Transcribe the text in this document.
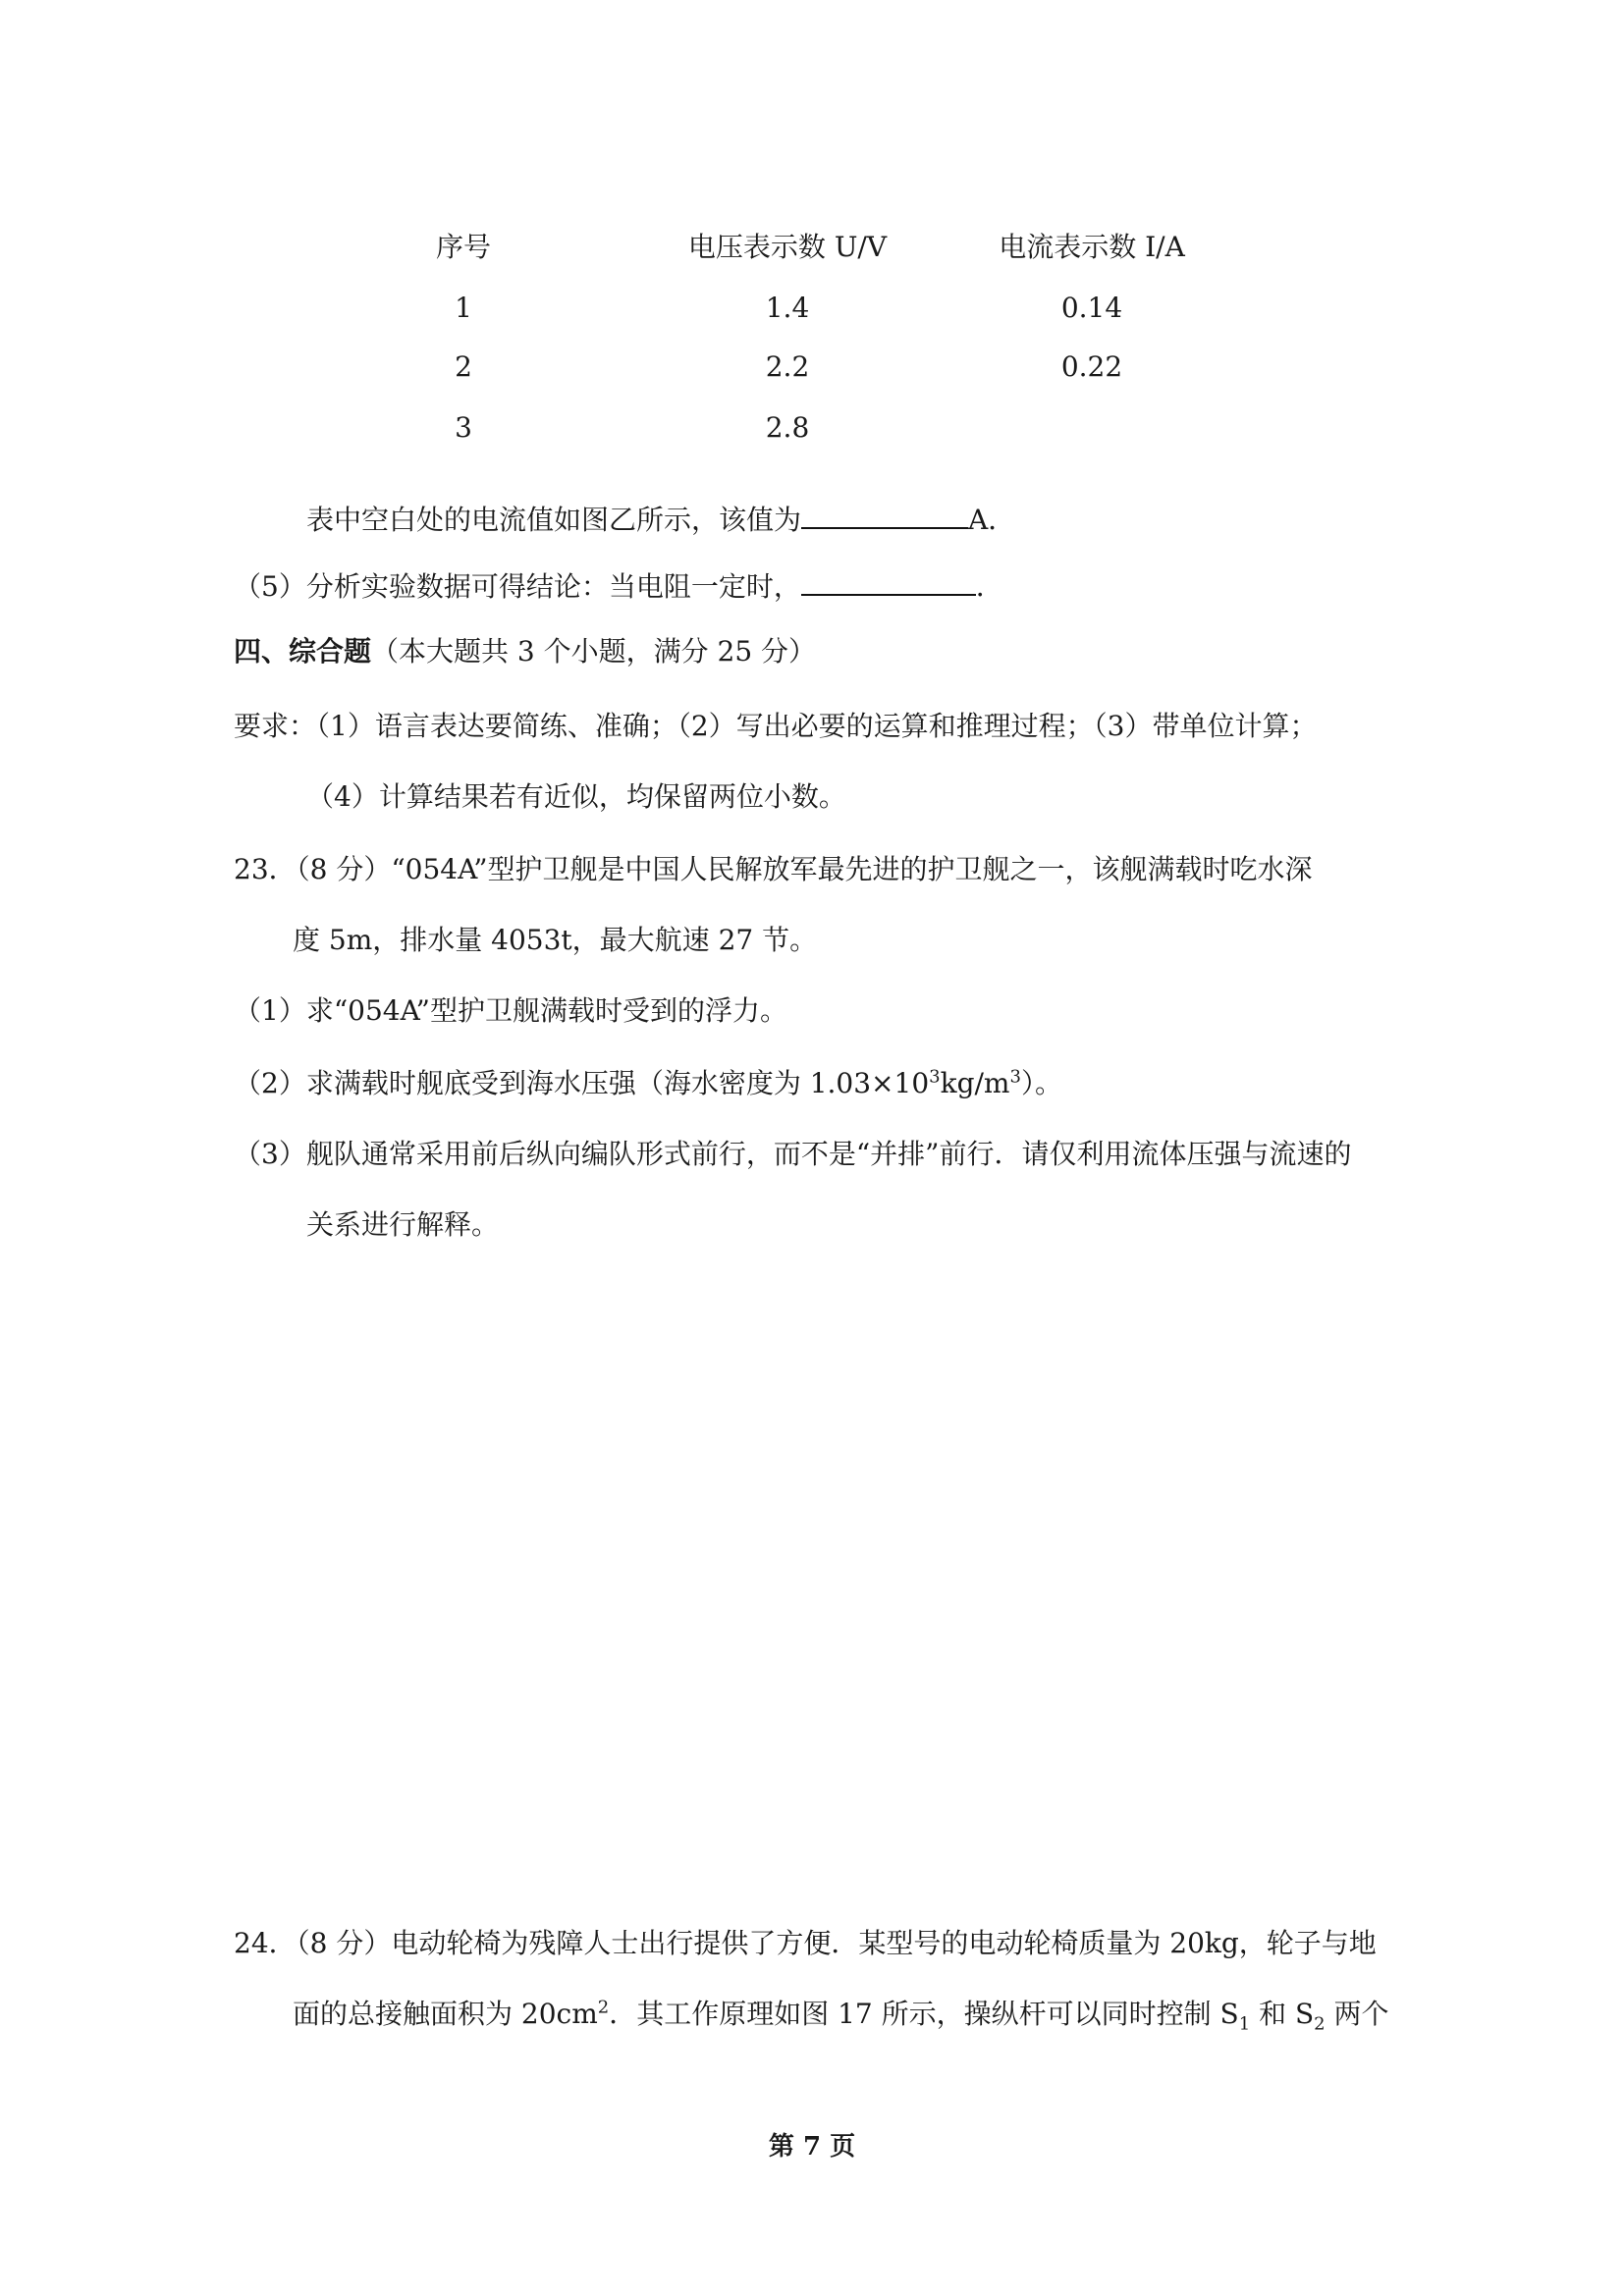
序号	电压表示数 U/V	电流表示数 I/A
1	1.4	0.14
2	2.2	0.22
3	2.8
表中空白处的电流值如图乙所示，该值为	A．
（5）分析实验数据可得结论：当电阻一定时，	．
四、综合题（本大题共 3 个小题，满分 25 分）
要求：（1）语言表达要简练、准确；（2）写出必要的运算和推理过程；（3）带单位计算；
（4）计算结果若有近似，均保留两位小数。
23．（8 分）“054A”型护卫舰是中国人民解放军最先进的护卫舰之一，该舰满载时吃水深
度 5m，排水量 4053t，最大航速 27 节。
（1）求“054A”型护卫舰满载时受到的浮力。
（2）求满载时舰底受到海水压强（海水密度为 $1.03\times 10^3kg/m^3$）。
（3）舰队通常采用前后纵向编队形式前行，而不是“并排”前行．请仅利用流体压强与流速的
关系进行解释。
24．（8 分）电动轮椅为残障人士出行提供了方便．某型号的电动轮椅质量为 20kg，轮子与地
面的总接触面积为 $20cm^2$．其工作原理如图 17 所示，操纵杆可以同时控制 $S_1$ 和 $S_2$ 两个
第 7 页
